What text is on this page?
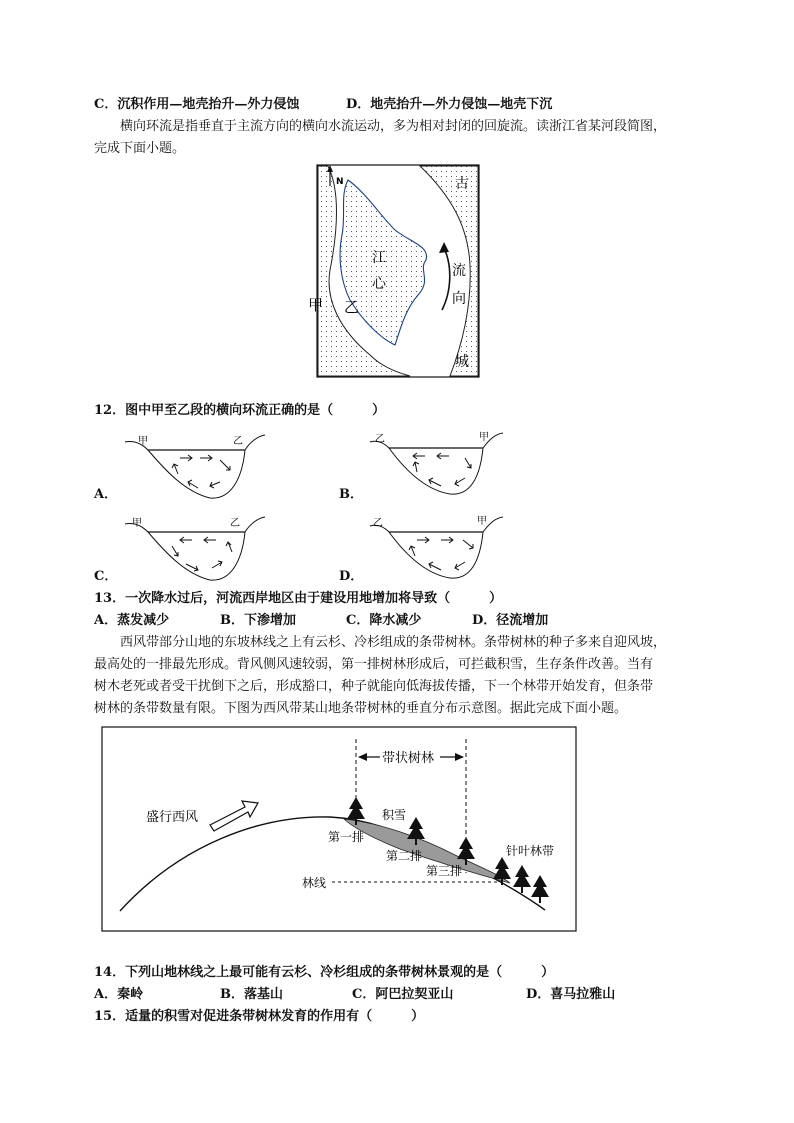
C．沉积作用—地壳抬升—外力侵蚀	D．地壳抬升—外力侵蚀—地壳下沉
横向环流是指垂直于主流方向的横向水流运动，多为相对封闭的回旋流。读浙江省某河段简图，
完成下面小题。
N
江
心
古
城
流
向
甲 乙
12．图中甲至乙段的横向环流正确的是（　　　）
甲	乙
A．
乙	甲
B．
甲	乙
C．
乙	甲
D．
13．一次降水过后，河流西岸地区由于建设用地增加将导致（　　　）
A．蒸发减少	B．下渗增加	C．降水减少	D．径流增加
西风带部分山地的东坡林线之上有云杉、冷杉组成的条带树林。条带树林的种子多来自迎风坡，
最高处的一排最先形成。背风侧风速较弱，第一排树林形成后，可拦截积雪，生存条件改善。当有
树木老死或者受干扰倒下之后，形成豁口，种子就能向低海拔传播，下一个林带开始发育，但条带
树林的条带数量有限。下图为西风带某山地条带树林的垂直分布示意图。据此完成下面小题。
带状树林
盛行西风	积雪
第一排
第二排
第三排
针叶林带
林线
14．下列山地林线之上最可能有云杉、冷杉组成的条带树林景观的是（　　　）
A．秦岭	B．落基山	C．阿巴拉契亚山	D．喜马拉雅山
15．适量的积雪对促进条带树林发育的作用有（　　　）
